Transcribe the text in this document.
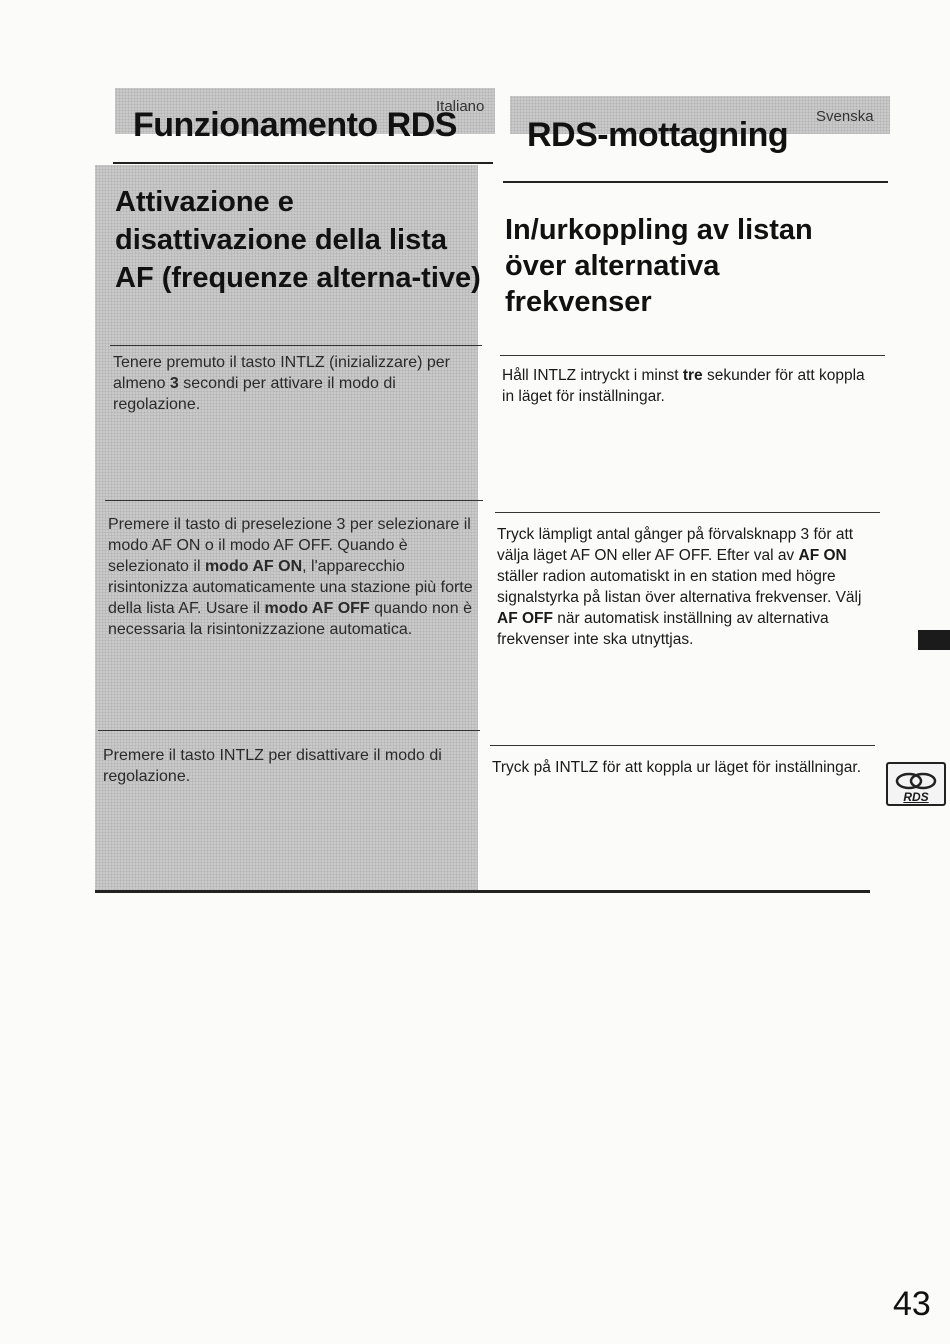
Italiano
Svenska
Funzionamento RDS RDS-mottagning
Attivazione e disattivazione della lista AF (frequenze alterna-tive)
In/urkoppling av listan över alternativa frekvenser
Tenere premuto il tasto INTLZ (inizializzare) per almeno 3 secondi per attivare il modo di regolazione.
Håll INTLZ intryckt i minst tre sekunder för att koppla in läget för inställningar.
Premere il tasto di preselezione 3 per selezionare il modo AF ON o il modo AF OFF. Quando è selezionato il modo AF ON, l'apparecchio risintonizza automaticamente una stazione più forte della lista AF. Usare il modo AF OFF quando non è necessaria la risintonizzazione automatica.
Tryck lämpligt antal gånger på förvalsknapp 3 för att välja läget AF ON eller AF OFF. Efter val av AF ON ställer radion automatiskt in en station med högre signalstyrka på listan över alternativa frekvenser. Välj AF OFF när automatisk inställning av alternativa frekvenser inte ska utnyttjas.
Premere il tasto INTLZ per disattivare il modo di regolazione.
Tryck på INTLZ för att koppla ur läget för inställningar.
RDS
43
